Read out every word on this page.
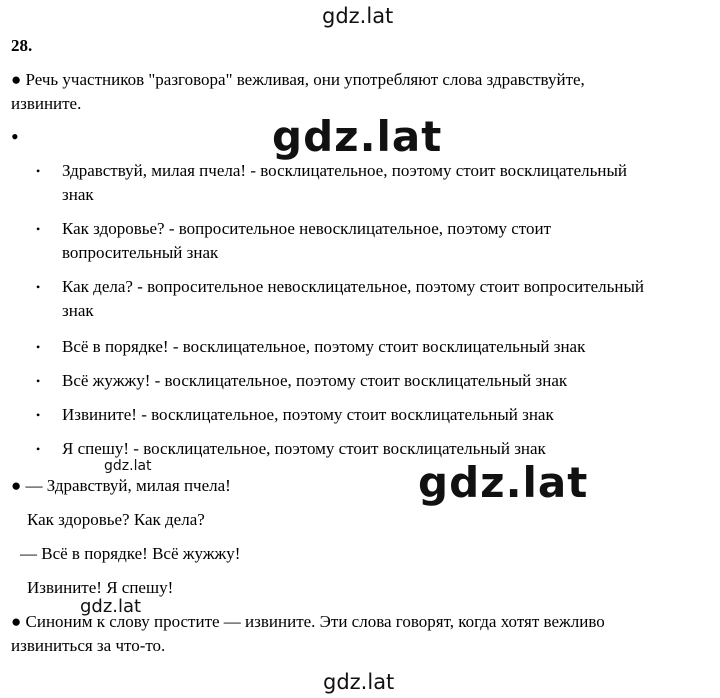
gdz.lat
28.
● Речь участников "разговора" вежливая, они употребляют слова здравствуйте,
извините.
•	gdz.lat
• Здравствуй, милая пчела! - восклицательное, поэтому стоит восклицательный
знак
• Как здоровье? - вопросительное невосклицательное, поэтому стоит
вопросительный знак
• Как дела? - вопросительное невосклицательное, поэтому стоит вопросительный
знак
• Всё в порядке! - восклицательное, поэтому стоит восклицательный знак
• Всё жужжу! - восклицательное, поэтому стоит восклицательный знак
• Извините! - восклицательное, поэтому стоит восклицательный знак
• Я спешу! - восклицательное, поэтому стоит восклицательный знак
gdz.lat	gdz.lat
● — Здравствуй, милая пчела!
Как здоровье? Как дела?
— Всё в порядке! Всё жужжу!
Извините! Я спешу!
gdz.lat
● Синоним к слову простите — извините. Эти слова говорят, когда хотят вежливо
извиниться за что-то.
gdz.lat
